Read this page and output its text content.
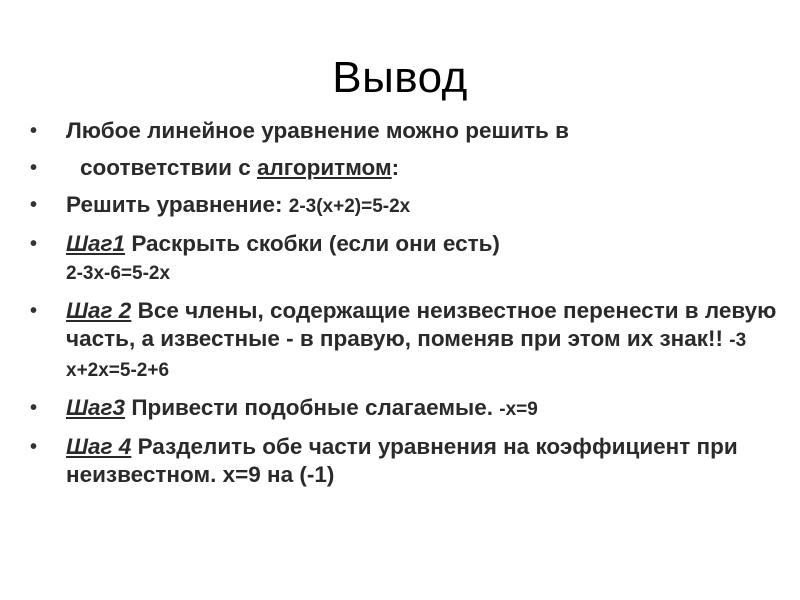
Вывод
•	Любое линейное уравнение можно решить в
•	соответствии с алгоритмом:
•	Решить уравнение: 2-3(x+2)=5-2x
•	Шаг1 Раскрыть скобки (если они есть)
2-3х-6=5-2х
•	Шаг 2 Все члены, содержащие неизвестное перенести в левую часть, а известные - в правую, поменяв при этом их знак!! -3
х+2х=5-2+6
•	Шаг3 Привести подобные слагаемые. -х=9
•	Шаг 4 Разделить обе части уравнения на коэффициент при неизвестном. х=9 на (-1)
